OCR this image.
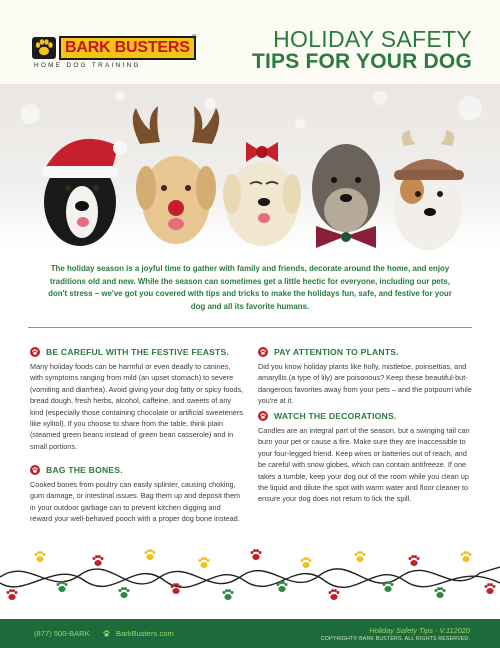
BARK BUSTERS
®
HOME DOG TRAINING
HOLIDAY SAFETY
TIPS FOR YOUR DOG
The holiday season is a joyful time to gather with family and friends, decorate around the home, and enjoy traditions old and new. While the season can sometimes get a little hectic for everyone, including our pets, don't stress – we've got you covered with tips and tricks to make the holidays fun, safe, and festive for your dog and all its favorite humans.
BE CAREFUL WITH THE FESTIVE FEASTS.
Many holiday foods can be harmful or even deadly to canines, with symptoms ranging from mild (an upset stomach) to severe (vomiting and diarrhea). Avoid giving your dog fatty or spicy foods, bread dough, fresh herbs, alcohol, caffeine, and sweets of any kind (especially those containing chocolate or artificial sweeteners like xylitol). If you choose to share from the table, think plain (steamed green beans instead of green bean casserole) and in small portions.
BAG THE BONES.
Cooked bones from poultry can easily splinter, causing choking, gum damage, or intestinal issues. Bag them up and deposit them in your outdoor garbage can to prevent kitchen digging and reward your well-behaved pooch with a proper dog bone instead.
PAY ATTENTION TO PLANTS.
Did you know holiday plants like holly, mistletoe, poinsettias, and amaryllis (a type of lily) are poisonous? Keep these beautiful-but-dangerous favorites away from your pets – and the potpourri while you're at it.
WATCH THE DECORATIONS.
Candles are an integral part of the season, but a swinging tail can burn your pet or cause a fire. Make sure they are inaccessible to your four-legged friend. Keep wires or batteries out of reach, and be careful with snow globes, which can contain antifreeze. If one takes a tumble, keep your dog out of the room while you clean up the liquid and dilute the spot with warm water and floor cleaner to ensure your dog does not return to lick the spill.
(877) 500-BARK	BarkBusters.com	Holiday Safety Tips - V.112020
COPYRIGHT© BARK BUSTERS. ALL RIGHTS RESERVED.
